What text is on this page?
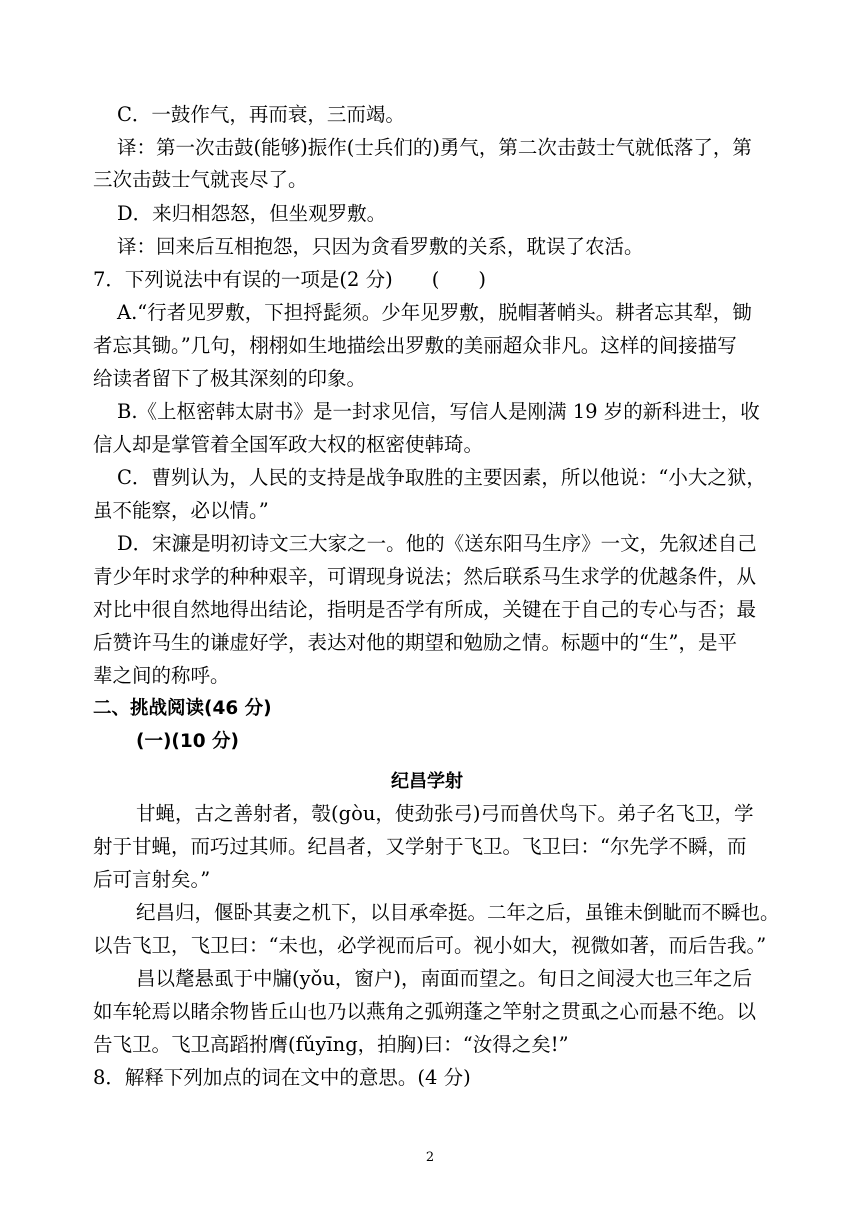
C．一鼓作气，再而衰，三而竭。
译：第一次击鼓(能够)振作(士兵们的)勇气，第二次击鼓士气就低落了，第
三次击鼓士气就丧尽了。
D．来归相怨怒，但坐观罗敷。
译：回来后互相抱怨，只因为贪看罗敷的关系，耽误了农活。
7．下列说法中有误的一项是(2 分)　　(　　)
A.“行者见罗敷，下担捋髭须。少年见罗敷，脱帽著帩头。耕者忘其犁，锄
者忘其锄。”几句，栩栩如生地描绘出罗敷的美丽超众非凡。这样的间接描写
给读者留下了极其深刻的印象。
B.《上枢密韩太尉书》是一封求见信，写信人是刚满 19 岁的新科进士，收
信人却是掌管着全国军政大权的枢密使韩琦。
C．曹刿认为，人民的支持是战争取胜的主要因素，所以他说：“小大之狱，
虽不能察，必以情。”
D．宋濂是明初诗文三大家之一。他的《送东阳马生序》一文，先叙述自己
青少年时求学的种种艰辛，可谓现身说法；然后联系马生求学的优越条件，从
对比中很自然地得出结论，指明是否学有所成，关键在于自己的专心与否；最
后赞许马生的谦虚好学，表达对他的期望和勉励之情。标题中的“生”，是平
辈之间的称呼。
二、挑战阅读(46 分)
(一)(10 分)
纪昌学射
甘蝇，古之善射者，彀(gòu，使劲张弓)弓而兽伏鸟下。弟子名飞卫，学
射于甘蝇，而巧过其师。纪昌者，又学射于飞卫。飞卫曰：“尔先学不瞬，而
后可言射矣。”
纪昌归，偃卧其妻之机下，以目承牵挺。二年之后，虽锥未倒眦而不瞬也。
以告飞卫，飞卫曰：“未也，必学视而后可。视小如大，视微如著，而后告我。”
昌以氂悬虱于中牖(yǒu，窗户)，南面而望之。旬日之间浸大也三年之后
如车轮焉以睹余物皆丘山也乃以燕角之弧朔蓬之竿射之贯虱之心而悬不绝。以
告飞卫。飞卫高蹈拊膺(fǔyīng，拍胸)曰：“汝得之矣!”
8．解释下列加点的词在文中的意思。(4 分)
2
